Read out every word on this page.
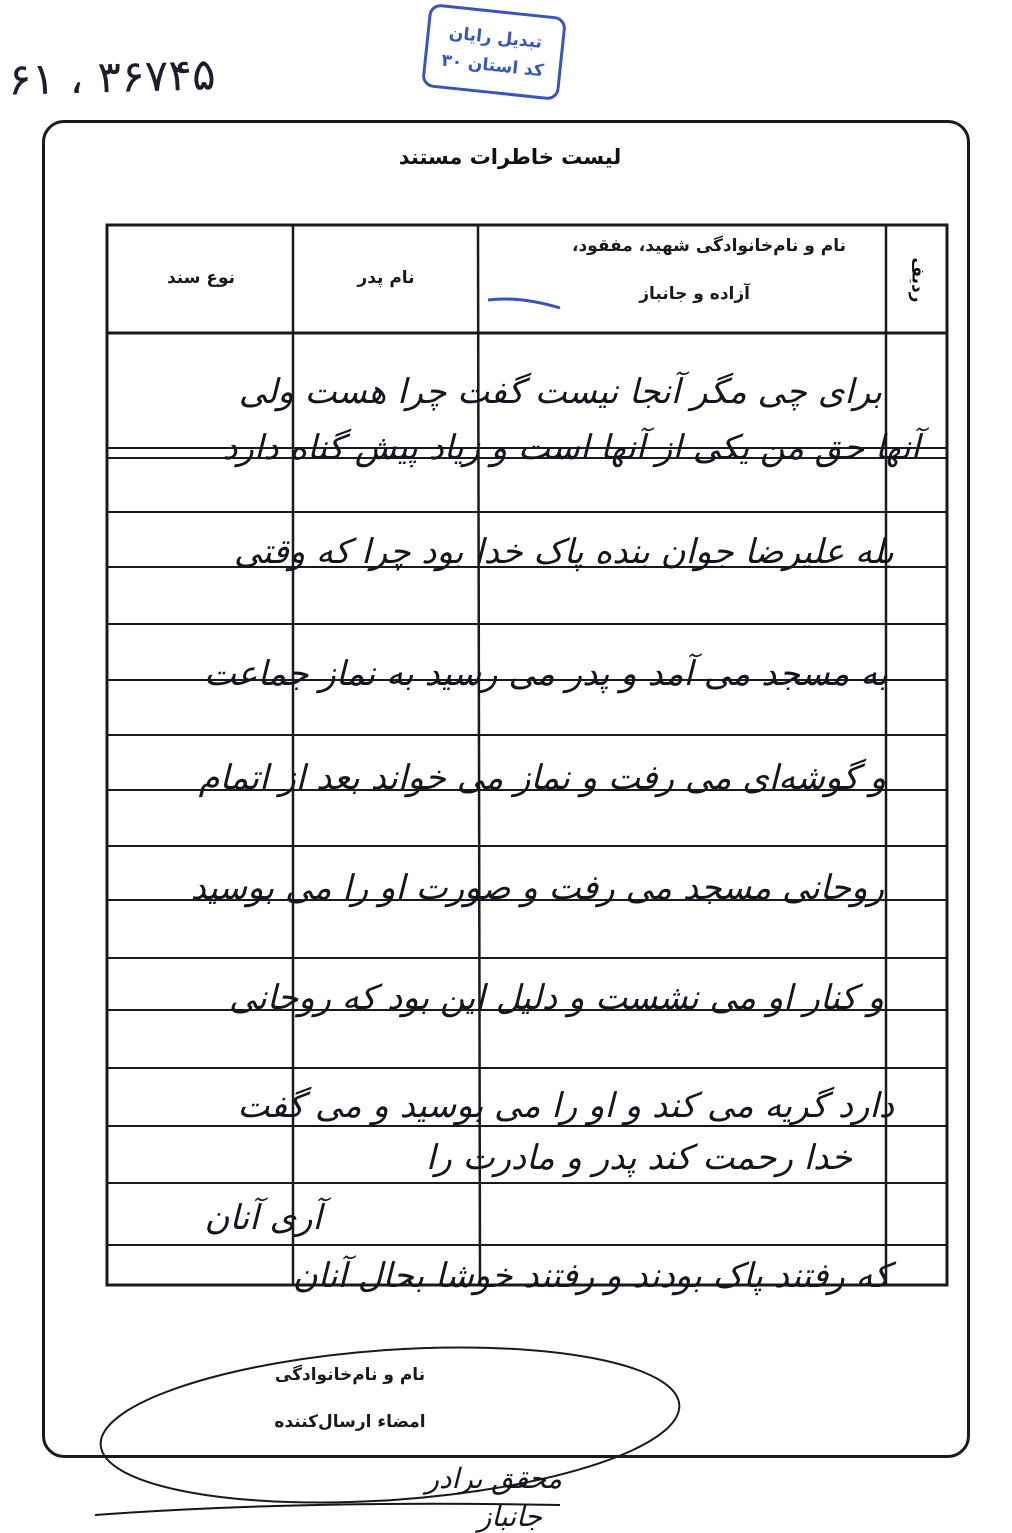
۶۱ ، ۳۶۷۴۵
تبدیل رایان
کد استان ۳۰
لیست خاطرات مستند
ردیف
نام و نام‌خانوادگی شهید، مفقود،
آزاده و جانباز
نام پدر
نوع سند
برای چی مگر آنجا نیست گفت چرا هست ولی
آنها حق من یکی از آنها است و زیاد پیش گناه دارد
بله علیرضا جوان بنده پاک خدا بود چرا که وقتی
به مسجد می آمد و پدر می رسید به نماز جماعت
و گوشه‌ای می رفت و نماز می خواند بعد از اتمام
روحانی مسجد می رفت و صورت او را می بوسید
و کنار او می نشست و دلیل این بود که روحانی
دارد گریه می کند و او را می بوسید و می گفت
خدا رحمت کند پدر و مادرت را
آری آنان
که رفتند پاک بودند و رفتند خوشا بحال آنان
نام و نام‌خانوادگی
امضاء ارسال‌کننده
محقق برادر
جانباز
